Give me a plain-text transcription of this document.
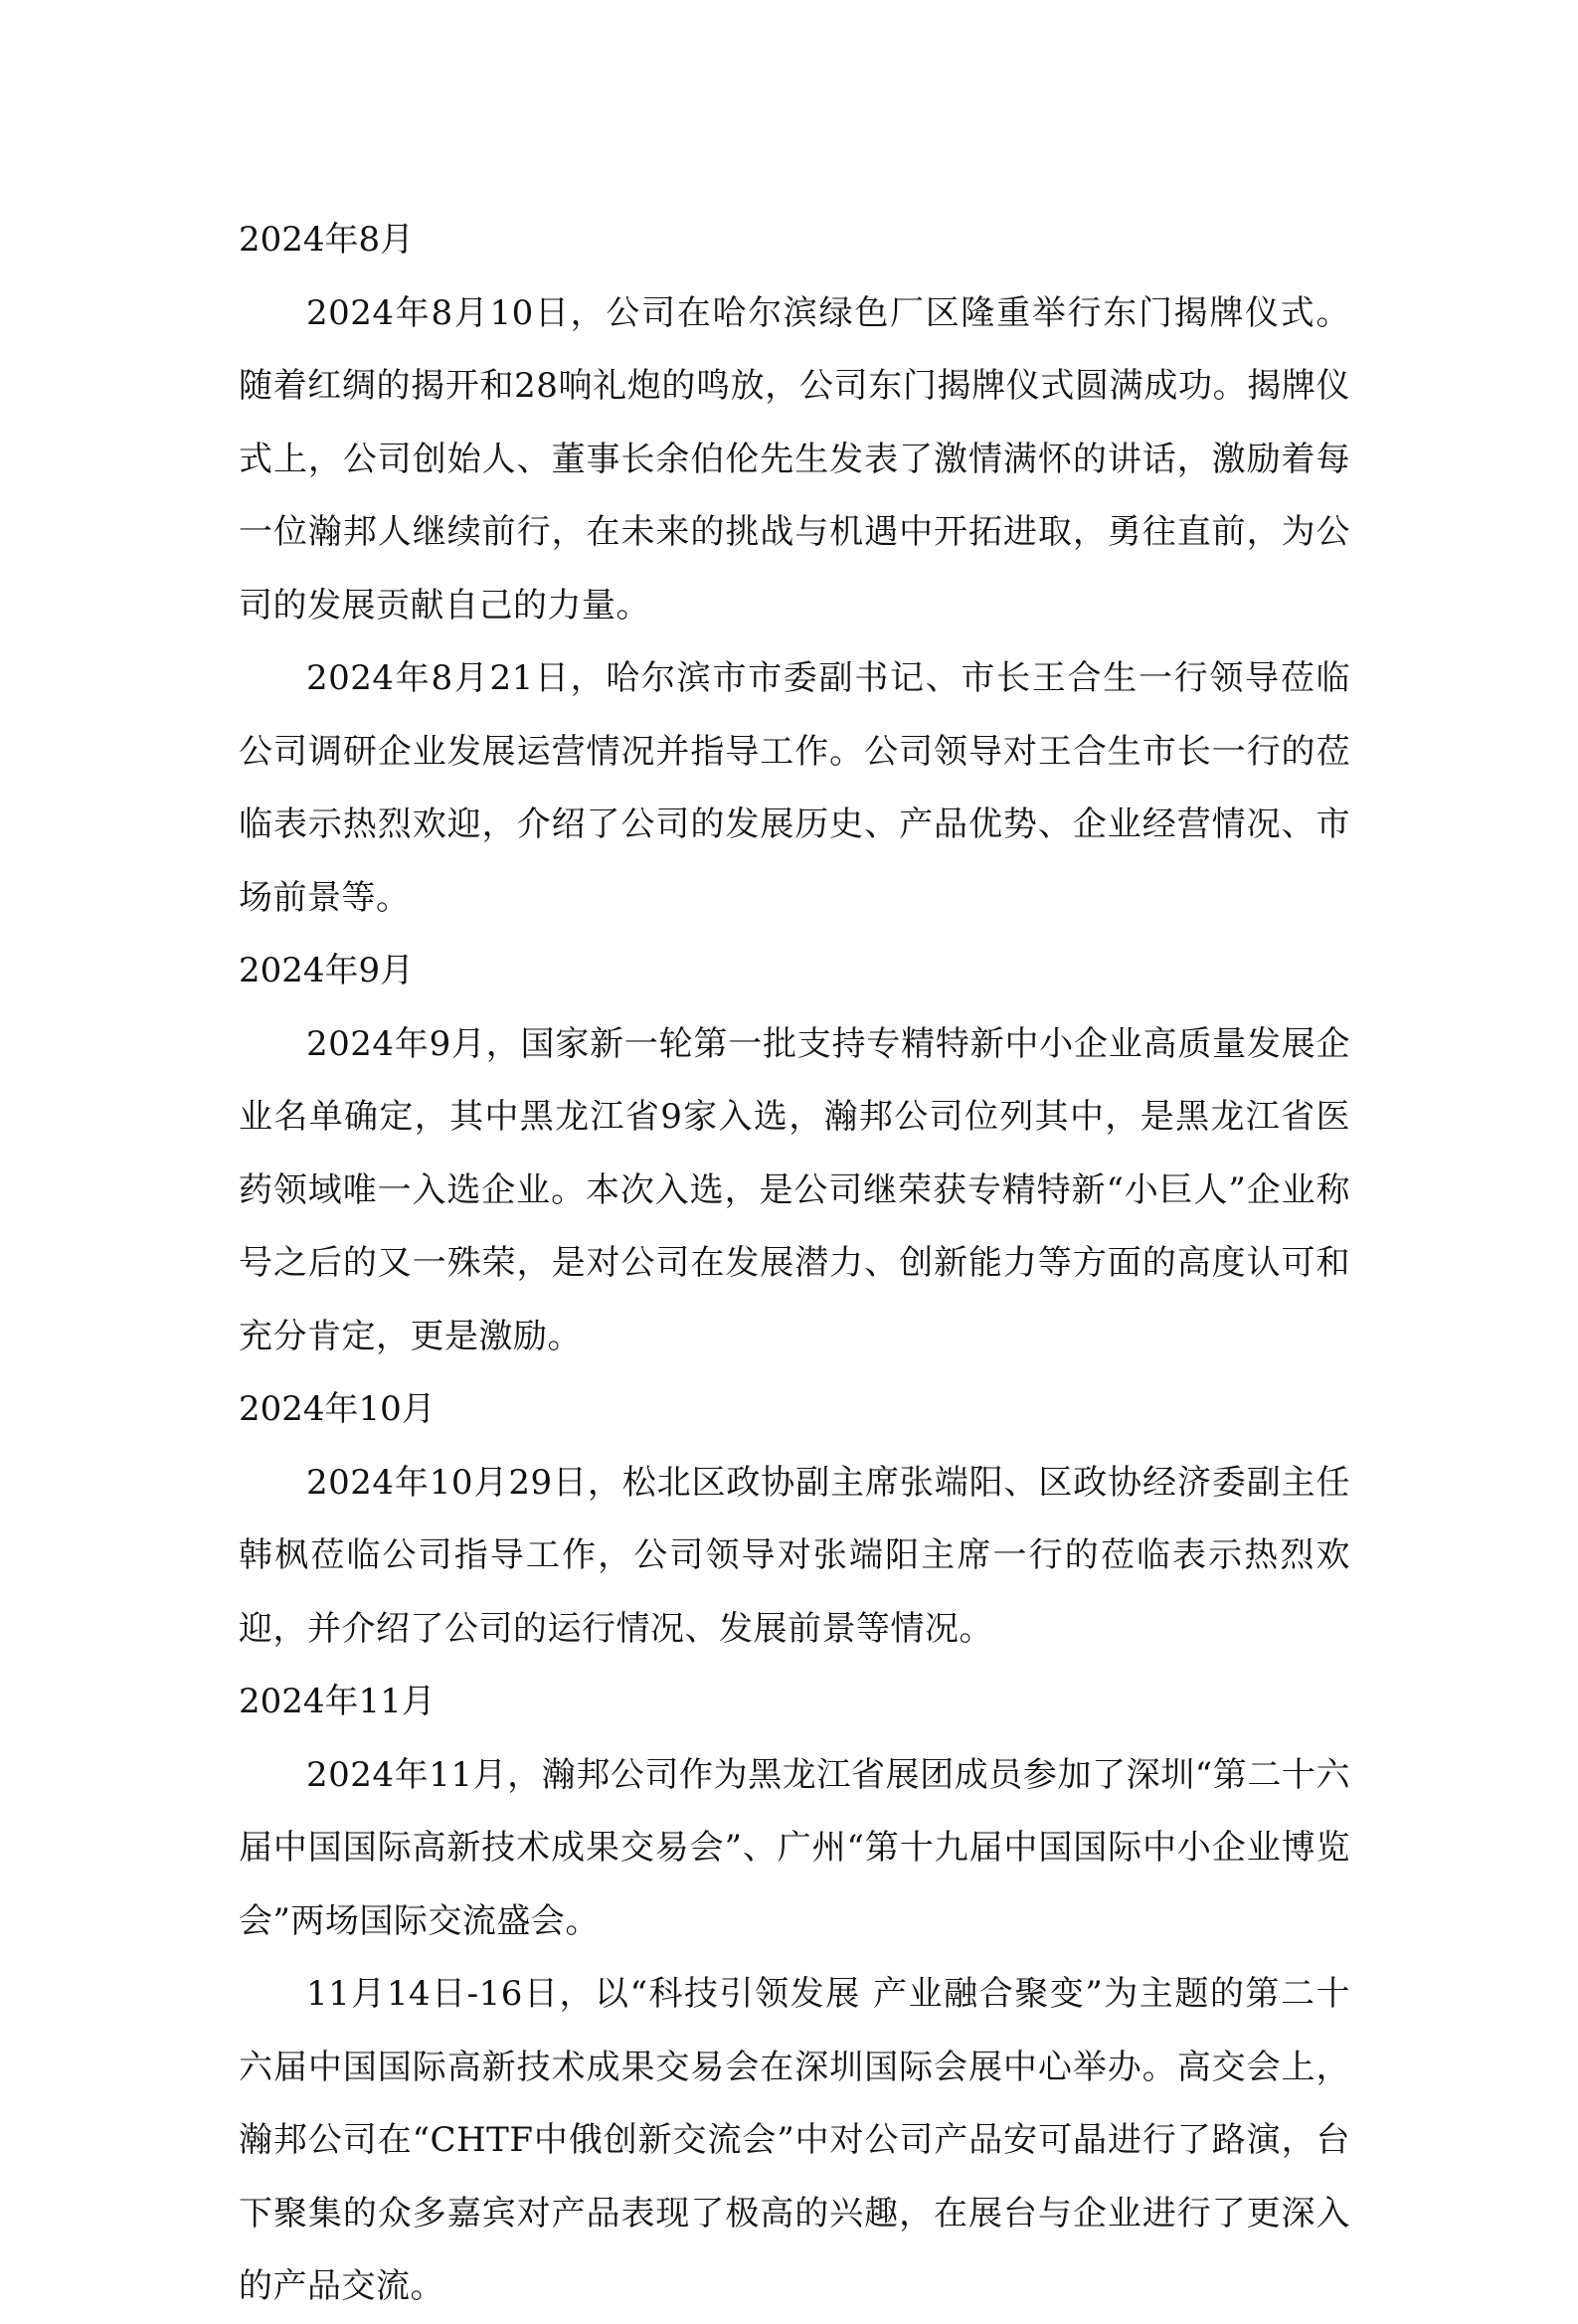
2024年8月

2024年8月10日，公司在哈尔滨绿色厂区隆重举行东门揭牌仪式。随着红绸的揭开和28响礼炮的鸣放，公司东门揭牌仪式圆满成功。揭牌仪式上，公司创始人、董事长余伯伦先生发表了激情满怀的讲话，激励着每一位瀚邦人继续前行，在未来的挑战与机遇中开拓进取，勇往直前，为公司的发展贡献自己的力量。

2024年8月21日，哈尔滨市市委副书记、市长王合生一行领导莅临公司调研企业发展运营情况并指导工作。公司领导对王合生市长一行的莅临表示热烈欢迎，介绍了公司的发展历史、产品优势、企业经营情况、市场前景等。

2024年9月

2024年9月，国家新一轮第一批支持专精特新中小企业高质量发展企业名单确定，其中黑龙江省9家入选，瀚邦公司位列其中，是黑龙江省医药领域唯一入选企业。本次入选，是公司继荣获专精特新“小巨人”企业称号之后的又一殊荣，是对公司在发展潜力、创新能力等方面的高度认可和充分肯定，更是激励。

2024年10月

2024年10月29日，松北区政协副主席张端阳、区政协经济委副主任韩枫莅临公司指导工作，公司领导对张端阳主席一行的莅临表示热烈欢迎，并介绍了公司的运行情况、发展前景等情况。

2024年11月

2024年11月，瀚邦公司作为黑龙江省展团成员参加了深圳“第二十六届中国国际高新技术成果交易会”、广州“第十九届中国国际中小企业博览会”两场国际交流盛会。

11月14日-16日，以“科技引领发展 产业融合聚变”为主题的第二十六届中国国际高新技术成果交易会在深圳国际会展中心举办。高交会上，瀚邦公司在“CHTF中俄创新交流会”中对公司产品安可晶进行了路演，台下聚集的众多嘉宾对产品表现了极高的兴趣，在展台与企业进行了更深入的产品交流。
